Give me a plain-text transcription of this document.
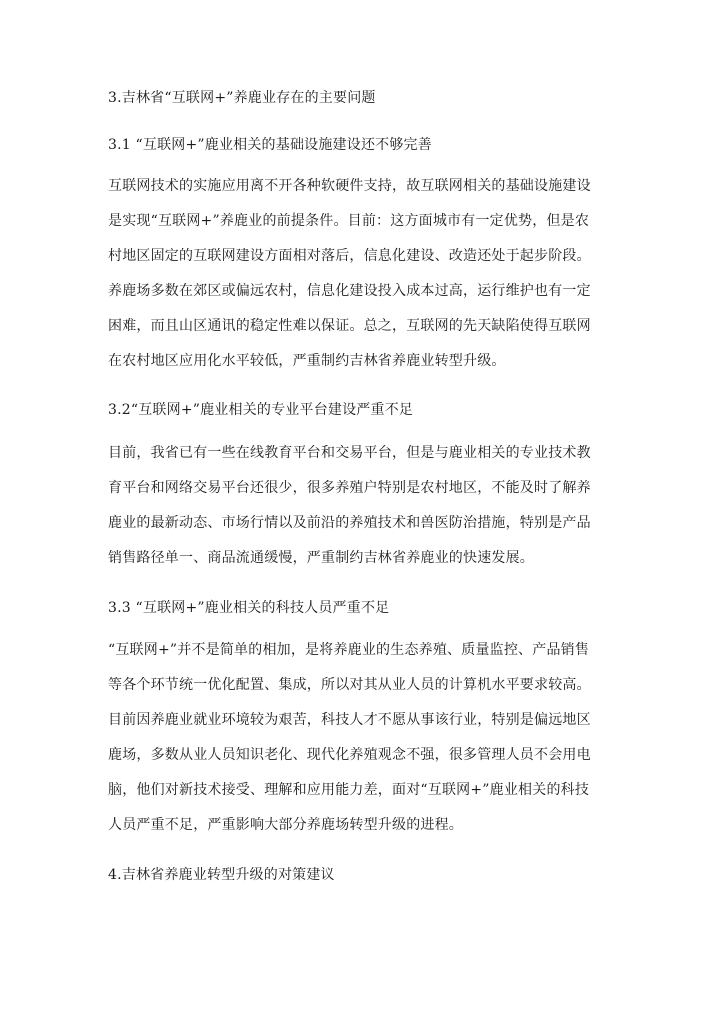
3.吉林省“互联网+”养鹿业存在的主要问题
3.1 “互联网+”鹿业相关的基础设施建设还不够完善
互联网技术的实施应用离不开各种软硬件支持，故互联网相关的基础设施建设
是实现“互联网+”养鹿业的前提条件。目前：这方面城市有一定优势，但是农
村地区固定的互联网建设方面相对落后，信息化建设、改造还处于起步阶段。
养鹿场多数在郊区或偏远农村，信息化建设投入成本过高，运行维护也有一定
困难，而且山区通讯的稳定性难以保证。总之，互联网的先天缺陷使得互联网
在农村地区应用化水平较低，严重制约吉林省养鹿业转型升级。
3.2“互联网+”鹿业相关的专业平台建设严重不足
目前，我省已有一些在线教育平台和交易平台，但是与鹿业相关的专业技术教
育平台和网络交易平台还很少，很多养殖户特别是农村地区，不能及时了解养
鹿业的最新动态、市场行情以及前沿的养殖技术和兽医防治措施，特别是产品
销售路径单一、商品流通缓慢，严重制约吉林省养鹿业的快速发展。
3.3 “互联网+”鹿业相关的科技人员严重不足
“互联网+”并不是简单的相加，是将养鹿业的生态养殖、质量监控、产品销售
等各个环节统一优化配置、集成，所以对其从业人员的计算机水平要求较高。
目前因养鹿业就业环境较为艰苦，科技人才不愿从事该行业，特别是偏远地区
鹿场，多数从业人员知识老化、现代化养殖观念不强，很多管理人员不会用电
脑，他们对新技术接受、理解和应用能力差，面对“互联网+”鹿业相关的科技
人员严重不足，严重影响大部分养鹿场转型升级的进程。
4.吉林省养鹿业转型升级的对策建议
